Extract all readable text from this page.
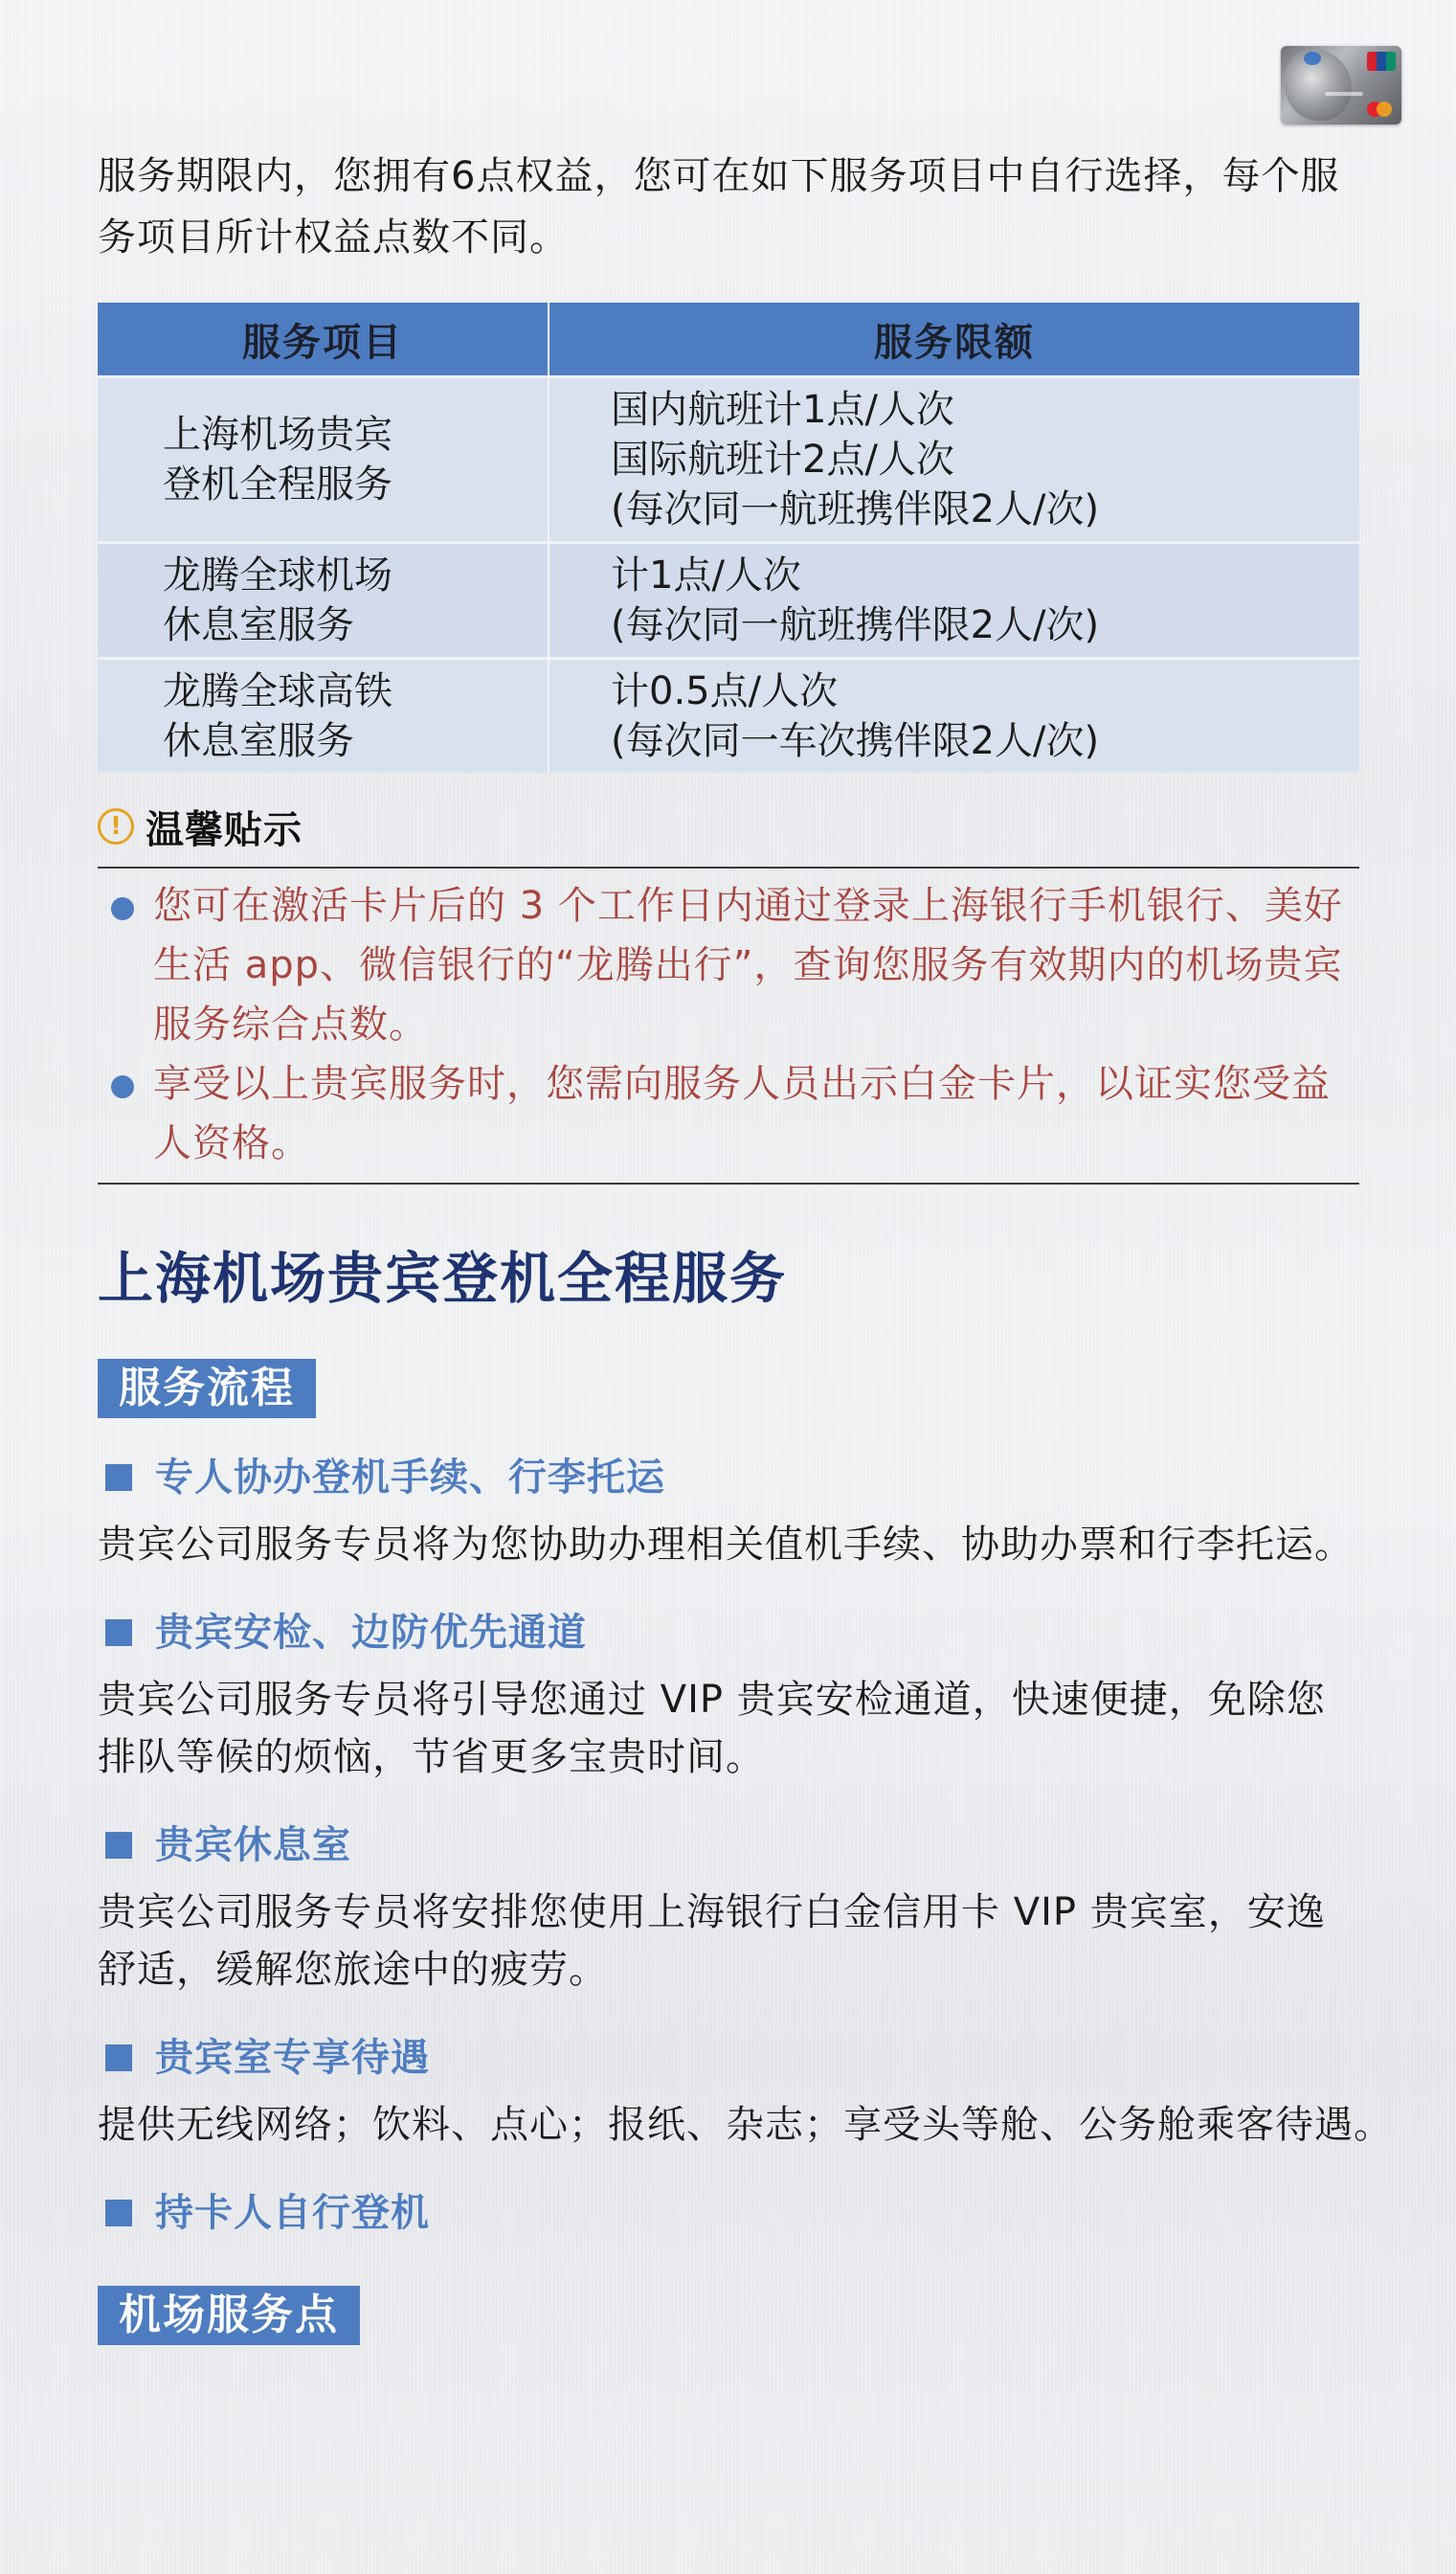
服务期限内，您拥有6点权益，您可在如下服务项目中自行选择，每个服务项目所计权益点数不同。

服务项目	服务限额

上海机场贵宾
登机全程服务	国内航班计1点/人次
国际航班计2点/人次
(每次同一航班携伴限2人/次)

龙腾全球机场
休息室服务	计1点/人次
(每次同一航班携伴限2人/次)

龙腾全球高铁
休息室服务	计0.5点/人次
(每次同一车次携伴限2人/次)
! 温馨贴示

您可在激活卡片后的 3 个工作日内通过登录上海银行手机银行、美好生活 app、微信银行的“龙腾出行”，查询您服务有效期内的机场贵宾服务综合点数。

享受以上贵宾服务时，您需向服务人员出示白金卡片，以证实您受益人资格。

上海机场贵宾登机全程服务
服务流程
专人协办登机手续、行李托运

贵宾公司服务专员将为您协助办理相关值机手续、协助办票和行李托运。

贵宾安检、边防优先通道

贵宾公司服务专员将引导您通过 VIP 贵宾安检通道，快速便捷，免除您排队等候的烦恼，节省更多宝贵时间。

贵宾休息室

贵宾公司服务专员将安排您使用上海银行白金信用卡 VIP 贵宾室，安逸舒适，缓解您旅途中的疲劳。

贵宾室专享待遇

提供无线网络；饮料、点心；报纸、杂志；享受头等舱、公务舱乘客待遇。

持卡人自行登机
机场服务点
